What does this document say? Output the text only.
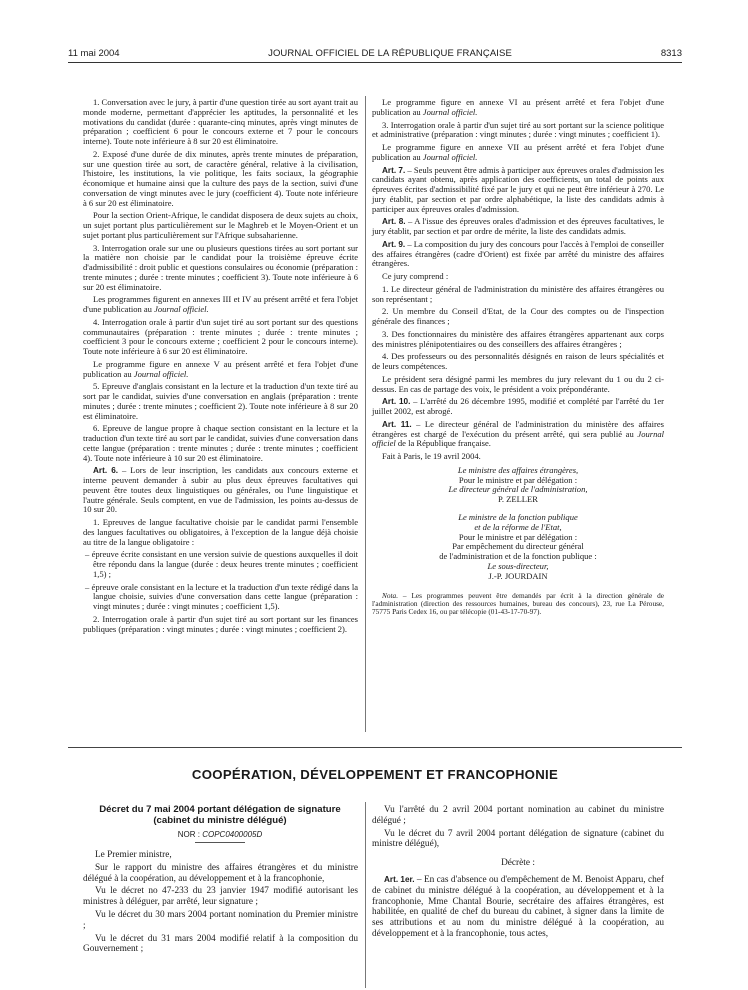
11 mai 2004	JOURNAL OFFICIEL DE LA RÉPUBLIQUE FRANÇAISE	8313

1. Conversation avec le jury, à partir d'une question tirée au sort ayant trait au monde moderne, permettant d'apprécier les aptitudes, la personnalité et les motivations du candidat (durée : quarante-cinq minutes, après vingt minutes de préparation ; coefficient 6 pour le concours externe et 7 pour le concours interne). Toute note inférieure à 8 sur 20 est éliminatoire.

2. Exposé d'une durée de dix minutes, après trente minutes de préparation, sur une question tirée au sort, de caractère général, relative à la civilisation, l'histoire, les institutions, la vie politique, les faits sociaux, la géographie économique et humaine ainsi que la culture des pays de la section, suivi d'une conversation de vingt minutes avec le jury (coefficient 4). Toute note inférieure à 6 sur 20 est éliminatoire.

Pour la section Orient-Afrique, le candidat disposera de deux sujets au choix, un sujet portant plus particulièrement sur le Maghreb et le Moyen-Orient et un sujet portant plus particulièrement sur l'Afrique subsaharienne.

3. Interrogation orale sur une ou plusieurs questions tirées au sort portant sur la matière non choisie par le candidat pour la troisième épreuve écrite d'admissibilité : droit public et questions consulaires ou économie (préparation : trente minutes ; durée : trente minutes ; coefficient 3). Toute note inférieure à 6 sur 20 est éliminatoire.

Les programmes figurent en annexes III et IV au présent arrêté et fera l'objet d'une publication au Journal officiel.

4. Interrogation orale à partir d'un sujet tiré au sort portant sur des questions communautaires (préparation : trente minutes ; durée : trente minutes ; coefficient 3 pour le concours externe ; coefficient 2 pour le concours interne). Toute note inférieure à 6 sur 20 est éliminatoire.

Le programme figure en annexe V au présent arrêté et fera l'objet d'une publication au Journal officiel.

5. Epreuve d'anglais consistant en la lecture et la traduction d'un texte tiré au sort par le candidat, suivies d'une conversation en anglais (préparation : trente minutes ; durée : trente minutes ; coefficient 2). Toute note inférieure à 8 sur 20 est éliminatoire.

6. Epreuve de langue propre à chaque section consistant en la lecture et la traduction d'un texte tiré au sort par le candidat, suivies d'une conversation dans cette langue (préparation : trente minutes ; durée : trente minutes ; coefficient 4). Toute note inférieure à 10 sur 20 est éliminatoire.

Art. 6. – Lors de leur inscription, les candidats aux concours externe et interne peuvent demander à subir au plus deux épreuves facultatives qui peuvent être toutes deux linguistiques ou générales, ou l'une linguistique et l'autre générale. Seuls comptent, en vue de l'admission, les points au-dessus de 10 sur 20.

1. Epreuves de langue facultative choisie par le candidat parmi l'ensemble des langues facultatives ou obligatoires, à l'exception de la langue déjà choisie au titre de la langue obligatoire :

– épreuve écrite consistant en une version suivie de questions auxquelles il doit être répondu dans la langue (durée : deux heures trente minutes ; coefficient 1,5) ;

– épreuve orale consistant en la lecture et la traduction d'un texte rédigé dans la langue choisie, suivies d'une conversation dans cette langue (préparation : vingt minutes ; durée : vingt minutes ; coefficient 1,5).

2. Interrogation orale à partir d'un sujet tiré au sort portant sur les finances publiques (préparation : vingt minutes ; durée : vingt minutes ; coefficient 2).

Le programme figure en annexe VI au présent arrêté et fera l'objet d'une publication au Journal officiel.

3. Interrogation orale à partir d'un sujet tiré au sort portant sur la science politique et administrative (préparation : vingt minutes ; durée : vingt minutes ; coefficient 1).

Le programme figure en annexe VII au présent arrêté et fera l'objet d'une publication au Journal officiel.

Art. 7. – Seuls peuvent être admis à participer aux épreuves orales d'admission les candidats ayant obtenu, après application des coefficients, un total de points aux épreuves écrites d'admissibilité fixé par le jury et qui ne peut être inférieur à 270. Le jury établit, par section et par ordre alphabétique, la liste des candidats admis à participer aux épreuves orales d'admission.

Art. 8. – A l'issue des épreuves orales d'admission et des épreuves facultatives, le jury établit, par section et par ordre de mérite, la liste des candidats admis.

Art. 9. – La composition du jury des concours pour l'accès à l'emploi de conseiller des affaires étrangères (cadre d'Orient) est fixée par arrêté du ministre des affaires étrangères.

Ce jury comprend :

1. Le directeur général de l'administration du ministère des affaires étrangères ou son représentant ;

2. Un membre du Conseil d'Etat, de la Cour des comptes ou de l'inspection générale des finances ;

3. Des fonctionnaires du ministère des affaires étrangères appartenant aux corps des ministres plénipotentiaires ou des conseillers des affaires étrangères ;

4. Des professeurs ou des personnalités désignés en raison de leurs spécialités et de leurs compétences.

Le président sera désigné parmi les membres du jury relevant du 1 ou du 2 ci-dessus. En cas de partage des voix, le président a voix prépondérante.

Art. 10. – L'arrêté du 26 décembre 1995, modifié et complété par l'arrêté du 1er juillet 2002, est abrogé.

Art. 11. – Le directeur général de l'administration du ministère des affaires étrangères est chargé de l'exécution du présent arrêté, qui sera publié au Journal officiel de la République française.

Fait à Paris, le 19 avril 2004.

Le ministre des affaires étrangères,
Pour le ministre et par délégation :
Le directeur général de l'administration,
P. ZELLER
Le ministre de la fonction publique
et de la réforme de l'Etat,
Pour le ministre et par délégation :
Par empêchement du directeur général
de l'administration et de la fonction publique :
Le sous-directeur,
J.-P. JOURDAIN

Nota. – Les programmes peuvent être demandés par écrit à la direction générale de l'administration (direction des ressources humaines, bureau des concours), 23, rue La Pérouse, 75775 Paris Cedex 16, ou par télécopie (01-43-17-70-97).

COOPÉRATION, DÉVELOPPEMENT ET FRANCOPHONIE
Décret du 7 mai 2004 portant délégation de signature (cabinet du ministre délégué)
NOR : COPC0400005D

Le Premier ministre,

Sur le rapport du ministre des affaires étrangères et du ministre délégué à la coopération, au développement et à la francophonie,

Vu le décret no 47-233 du 23 janvier 1947 modifié autorisant les ministres à déléguer, par arrêté, leur signature ;

Vu le décret du 30 mars 2004 portant nomination du Premier ministre ;

Vu le décret du 31 mars 2004 modifié relatif à la composition du Gouvernement ;

Vu l'arrêté du 2 avril 2004 portant nomination au cabinet du ministre délégué ;

Vu le décret du 7 avril 2004 portant délégation de signature (cabinet du ministre délégué),

Décrète :

Art. 1er. – En cas d'absence ou d'empêchement de M. Benoist Apparu, chef de cabinet du ministre délégué à la coopération, au développement et à la francophonie, Mme Chantal Bourie, secrétaire des affaires étrangères, est habilitée, en qualité de chef du bureau du cabinet, à signer dans la limite de ses attributions et au nom du ministre délégué à la coopération, au développement et à la francophonie, tous actes,
